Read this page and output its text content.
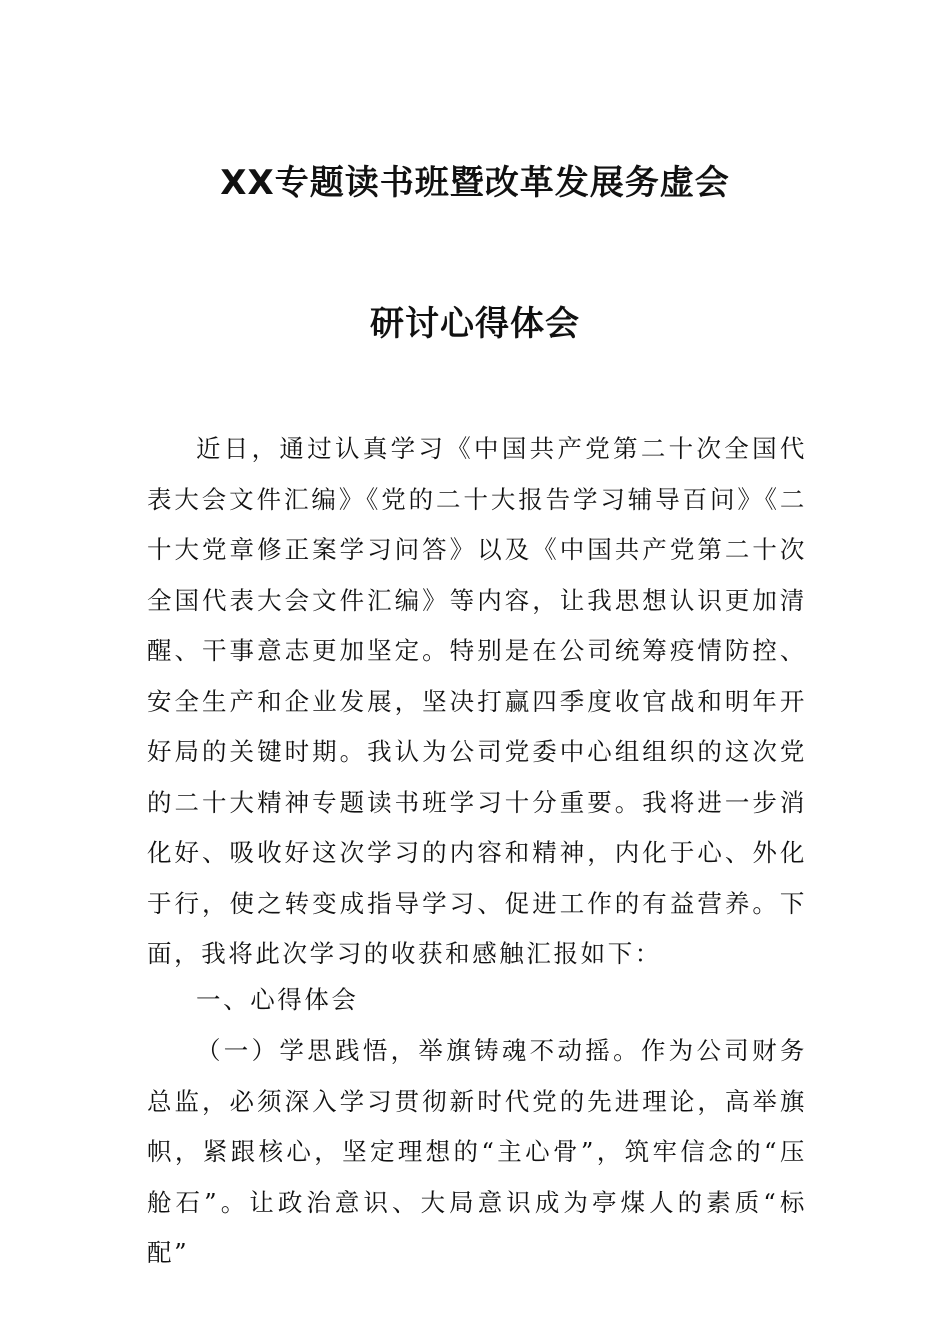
XX专题读书班暨改革发展务虚会
研讨心得体会

近日，通过认真学习《中国共产党第二十次全国代表大会文件汇编》《党的二十大报告学习辅导百问》《二十大党章修正案学习问答》以及《中国共产党第二十次全国代表大会文件汇编》等内容，让我思想认识更加清醒、干事意志更加坚定。特别是在公司统筹疫情防控、安全生产和企业发展，坚决打赢四季度收官战和明年开好局的关键时期。我认为公司党委中心组组织的这次党的二十大精神专题读书班学习十分重要。我将进一步消化好、吸收好这次学习的内容和精神，内化于心、外化于行，使之转变成指导学习、促进工作的有益营养。下面，我将此次学习的收获和感触汇报如下：

一、心得体会

（一）学思践悟，举旗铸魂不动摇。作为公司财务总监，必须深入学习贯彻新时代党的先进理论，高举旗帜，紧跟核心，坚定理想的“主心骨”，筑牢信念的“压舱石”。让政治意识、大局意识成为亭煤人的素质“标配”
